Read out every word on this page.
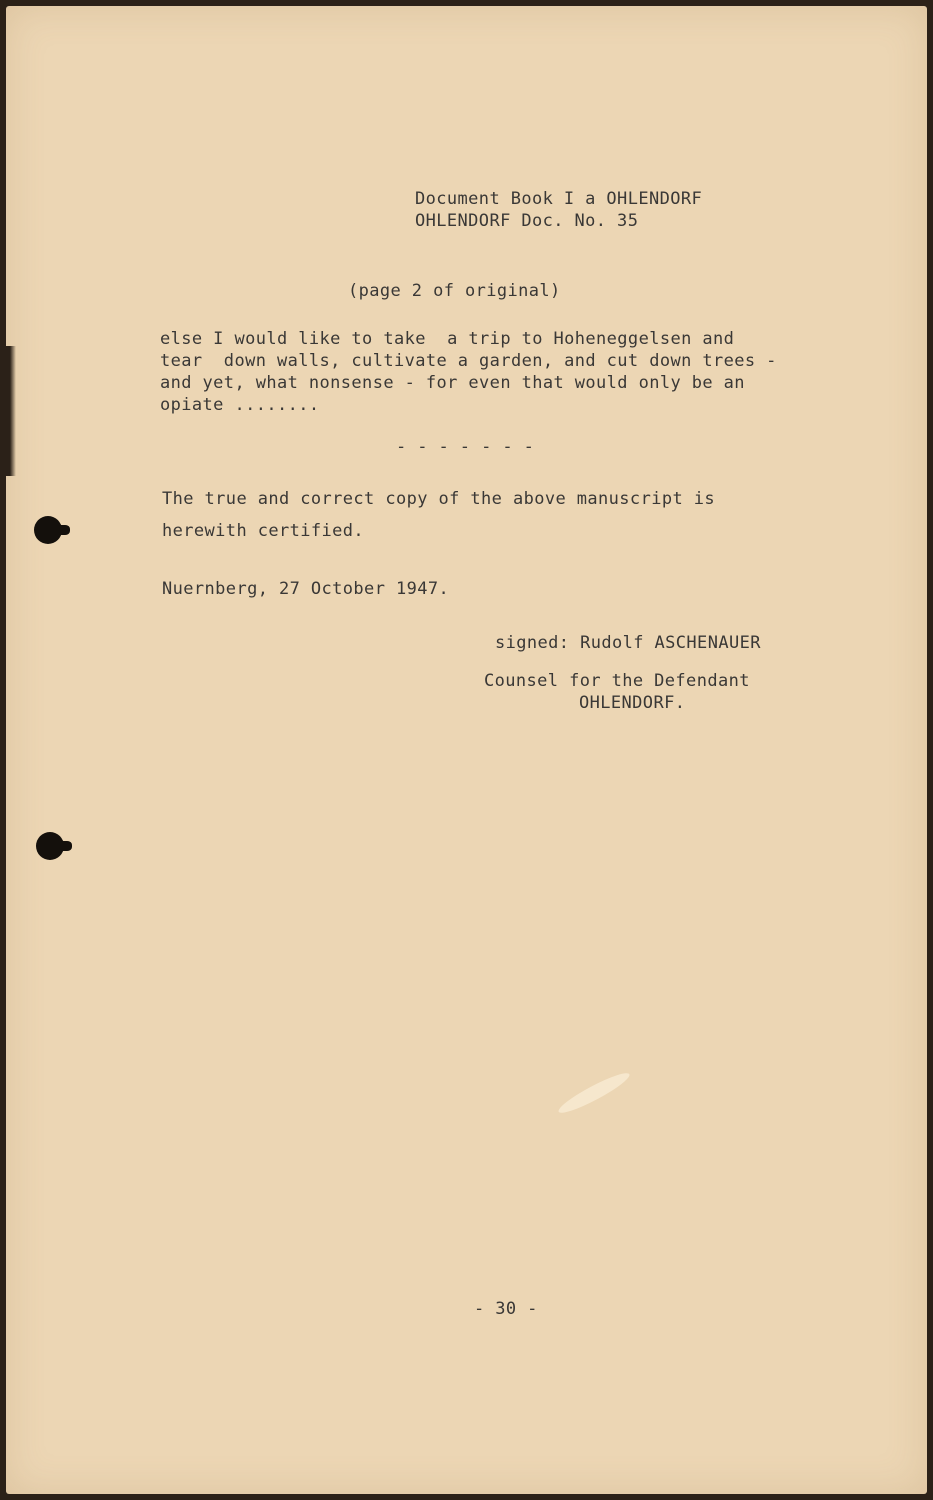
Document Book I a OHLENDORF
OHLENDORF Doc. No. 35
(page 2 of original)
else I would like to take  a trip to Hoheneggelsen and
tear  down walls, cultivate a garden, and cut down trees -
and yet, what nonsense - for even that would only be an
opiate ........
- - - - - - -
The true and correct copy of the above manuscript is
herewith certified.
Nuernberg, 27 October 1947.
signed: Rudolf ASCHENAUER
Counsel for the Defendant
OHLENDORF.
- 30 -
